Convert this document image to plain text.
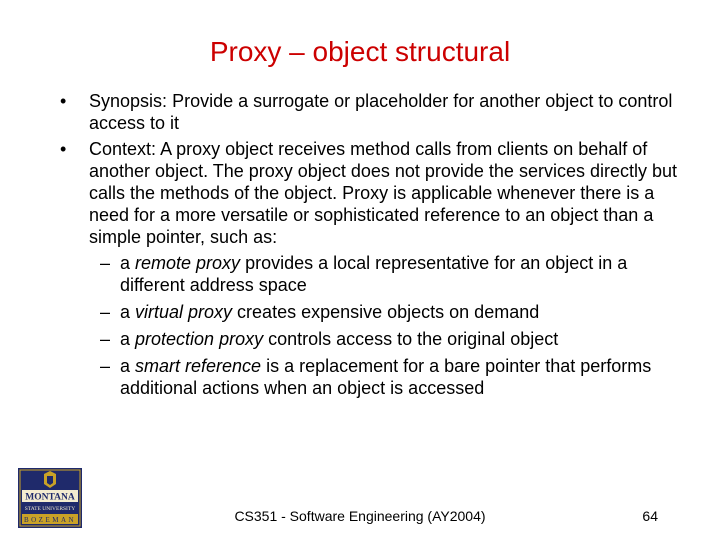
Proxy – object structural
• Synopsis: Provide a surrogate or placeholder for another object to control access to it
• Context: A proxy object receives method calls from clients on behalf of another object. The proxy object does not provide the services directly but calls the methods of the object. Proxy is applicable whenever there is a need for a more versatile or sophisticated reference to an object than a simple pointer, such as:
– a remote proxy provides a local representative for an object in a different address space
– a virtual proxy creates expensive objects on demand
– a protection proxy controls access to the original object
– a smart reference is a replacement for a bare pointer that performs additional actions when an object is accessed
MONTANA
STATE UNIVERSITY
BOZEMAN	CS351 - Software Engineering (AY2004)	64
